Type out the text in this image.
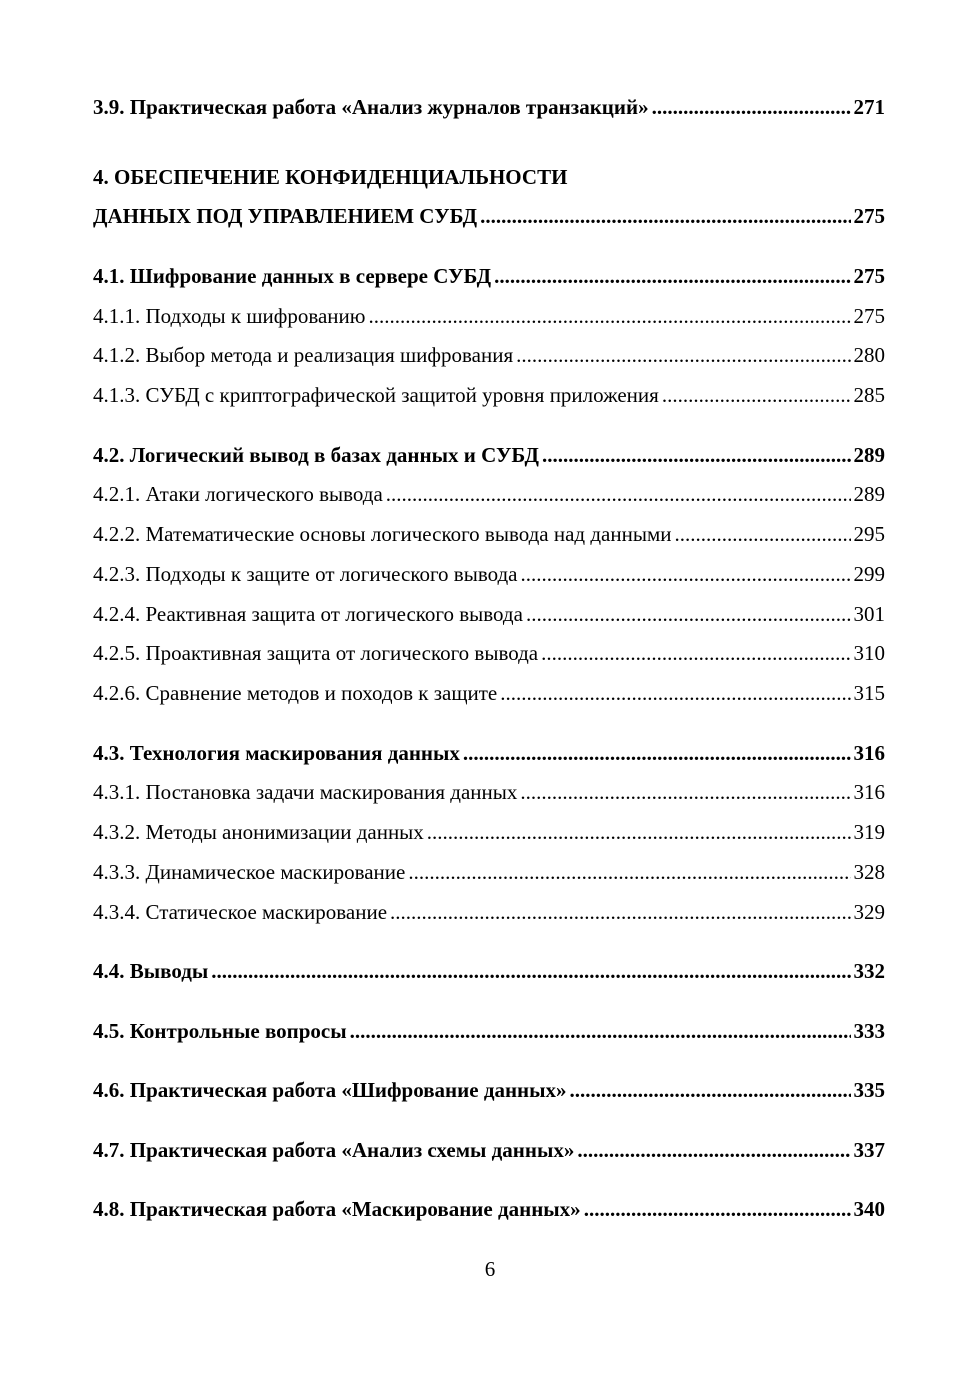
3.9. Практическая работа «Анализ журналов транзакций» .....	271
4. ОБЕСПЕЧЕНИЕ КОНФИДЕНЦИАЛЬНОСТИ
ДАННЫХ ПОД УПРАВЛЕНИЕМ СУБД .....	275
4.1. Шифрование данных в сервере СУБД .....	275
4.1.1. Подходы к шифрованию .....	275
4.1.2. Выбор метода и реализация шифрования .....	280
4.1.3. СУБД с криптографической защитой уровня приложения .....	285
4.2. Логический вывод в базах данных и СУБД .....	289
4.2.1. Атаки логического вывода .....	289
4.2.2. Математические основы логического вывода над данными .....	295
4.2.3. Подходы к защите от логического вывода .....	299
4.2.4. Реактивная защита от логического вывода .....	301
4.2.5. Проактивная защита от логического вывода .....	310
4.2.6. Сравнение методов и походов к защите .....	315
4.3. Технология маскирования данных .....	316
4.3.1. Постановка задачи маскирования данных .....	316
4.3.2. Методы анонимизации данных .....	319
4.3.3. Динамическое маскирование .....	328
4.3.4. Статическое маскирование .....	329
4.4. Выводы .....	332
4.5. Контрольные вопросы .....	333
4.6. Практическая работа «Шифрование данных» .....	335
4.7. Практическая работа «Анализ схемы данных» .....	337
4.8. Практическая работа «Маскирование данных» .....	340
6
